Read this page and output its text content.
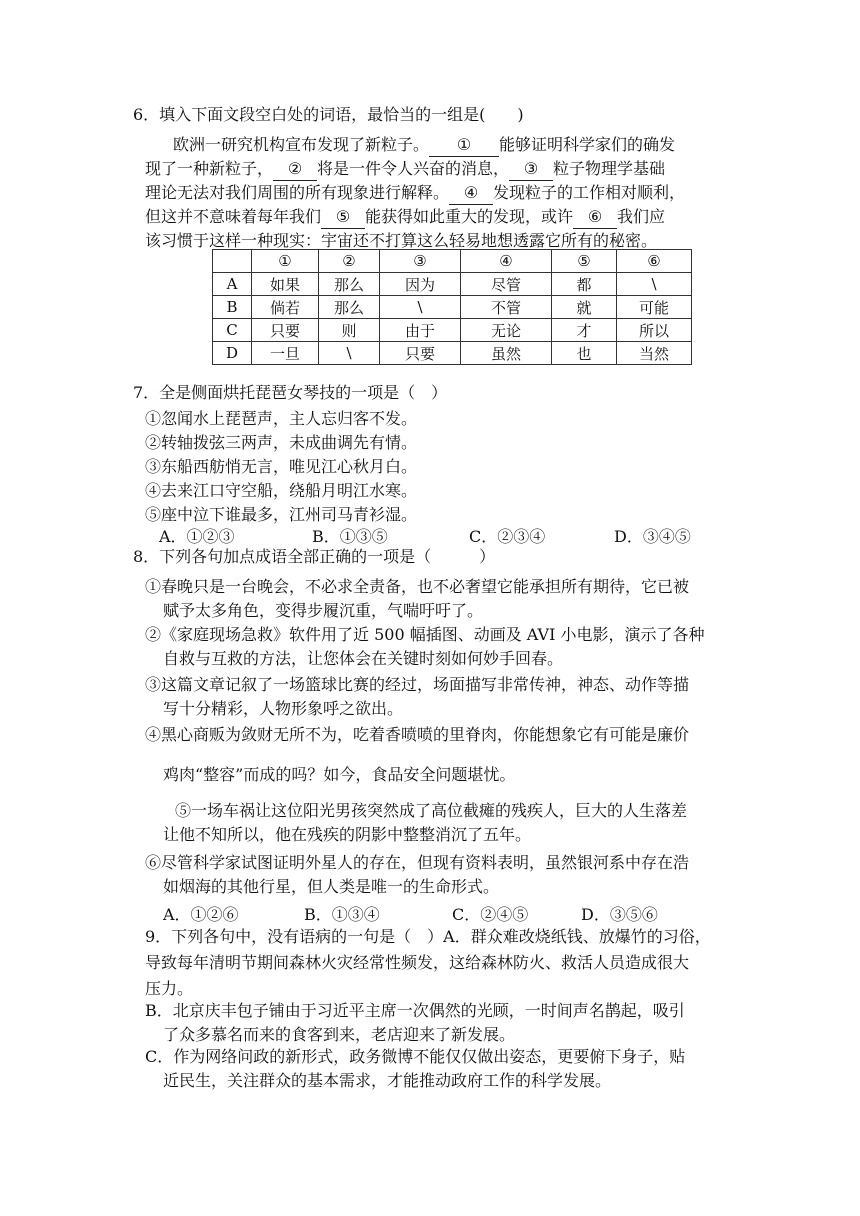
6．填入下面文段空白处的词语，最恰当的一组是(　　)
欧洲一研究机构宣布发现了新粒子。 ① 能够证明科学家们的确发
现了一种新粒子， ② 将是一件令人兴奋的消息， ③ 粒子物理学基础
理论无法对我们周围的所有现象进行解释。 ④ 发现粒子的工作相对顺利，
但这并不意味着每年我们 ⑤ 能获得如此重大的发现，或许 ⑥ 我们应
该习惯于这样一种现实：宇宙还不打算这么轻易地想透露它所有的秘密。
	①	②	③	④	⑤	⑥
A	如果	那么	因为	尽管	都	\
B	倘若	那么	\	不管	就	可能
C	只要	则	由于	无论	才	所以
D	一旦	\	只要	虽然	也	当然
7．全是侧面烘托琵琶女琴技的一项是（　）
①忽闻水上琵琶声，主人忘归客不发。
②转轴拨弦三两声，未成曲调先有情。
③东船西舫悄无言，唯见江心秋月白。
④去来江口守空船，绕船月明江水寒。
⑤座中泣下谁最多，江州司马青衫湿。
A．①②③	B．①③⑤	C．②③④	D．③④⑤
8．下列各句加点成语全部正确的一项是（　　　）
①春晚只是一台晚会，不必求全责备，也不必奢望它能承担所有期待，它已被
赋予太多角色，变得步履沉重，气喘吁吁了。
②《家庭现场急救》软件用了近 500 幅插图、动画及 AVI 小电影，演示了各种
自救与互救的方法，让您体会在关键时刻如何妙手回春。
③这篇文章记叙了一场篮球比赛的经过，场面描写非常传神，神态、动作等描
写十分精彩，人物形象呼之欲出。
④黑心商贩为敛财无所不为，吃着香喷喷的里脊肉，你能想象它有可能是廉价
鸡肉“整容”而成的吗？如今，食品安全问题堪忧。
⑤一场车祸让这位阳光男孩突然成了高位截瘫的残疾人，巨大的人生落差
让他不知所以，他在残疾的阴影中整整消沉了五年。
⑥尽管科学家试图证明外星人的存在，但现有资料表明，虽然银河系中存在浩
如烟海的其他行星，但人类是唯一的生命形式。
A．①②⑥	B．①③④	C．②④⑤	D．③⑤⑥
9．下列各句中，没有语病的一句是（　）A．群众难改烧纸钱、放爆竹的习俗，
导致每年清明节期间森林火灾经常性频发，这给森林防火、救活人员造成很大
压力。
B．北京庆丰包子铺由于习近平主席一次偶然的光顾，一时间声名鹊起，吸引
了众多慕名而来的食客到来，老店迎来了新发展。
C．作为网络问政的新形式，政务微博不能仅仅做出姿态，更要俯下身子，贴
近民生，关注群众的基本需求，才能推动政府工作的科学发展。
